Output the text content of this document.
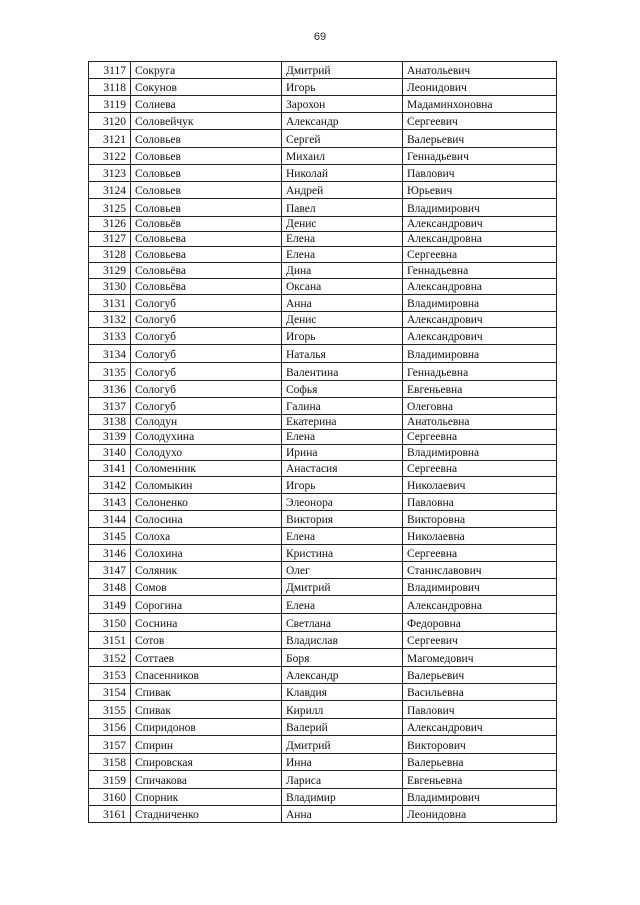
69
3117	Сокруга	Дмитрий	Анатольевич
3118	Сокунов	Игорь	Леонидович
3119	Солиева	Зарохон	Мадаминхоновна
3120	Соловейчук	Александр	Сергеевич
3121	Соловьев	Сергей	Валерьевич
3122	Соловьев	Михаил	Геннадьевич
3123	Соловьев	Николай	Павлович
3124	Соловьев	Андрей	Юрьевич
3125	Соловьев	Павел	Владимирович
3126	Соловьёв	Денис	Александрович
3127	Соловьева	Елена	Александровна
3128	Соловьева	Елена	Сергеевна
3129	Соловьёва	Дина	Геннадьевна
3130	Соловьёва	Оксана	Александровна
3131	Сологуб	Анна	Владимировна
3132	Сологуб	Денис	Александрович
3133	Сологуб	Игорь	Александрович
3134	Сологуб	Наталья	Владимировна
3135	Сологуб	Валентина	Геннадьевна
3136	Сологуб	Софья	Евгеньевна
3137	Сологуб	Галина	Олеговна
3138	Солодун	Екатерина	Анатольевна
3139	Солодухина	Елена	Сергеевна
3140	Солодухо	Ирина	Владимировна
3141	Соломенник	Анастасия	Сергеевна
3142	Соломыкин	Игорь	Николаевич
3143	Солоненко	Элеонора	Павловна
3144	Солосина	Виктория	Викторовна
3145	Солоха	Елена	Николаевна
3146	Солохина	Кристина	Сергеевна
3147	Соляник	Олег	Станиславович
3148	Сомов	Дмитрий	Владимирович
3149	Сорогина	Елена	Александровна
3150	Соснина	Светлана	Федоровна
3151	Сотов	Владислав	Сергеевич
3152	Соттаев	Боря	Магомедович
3153	Спасенников	Александр	Валерьевич
3154	Спивак	Клавдия	Васильевна
3155	Спивак	Кирилл	Павлович
3156	Спиридонов	Валерий	Александрович
3157	Спирин	Дмитрий	Викторович
3158	Спировская	Инна	Валерьевна
3159	Спичакова	Лариса	Евгеньевна
3160	Спорник	Владимир	Владимирович
3161	Стадниченко	Анна	Леонидовна
